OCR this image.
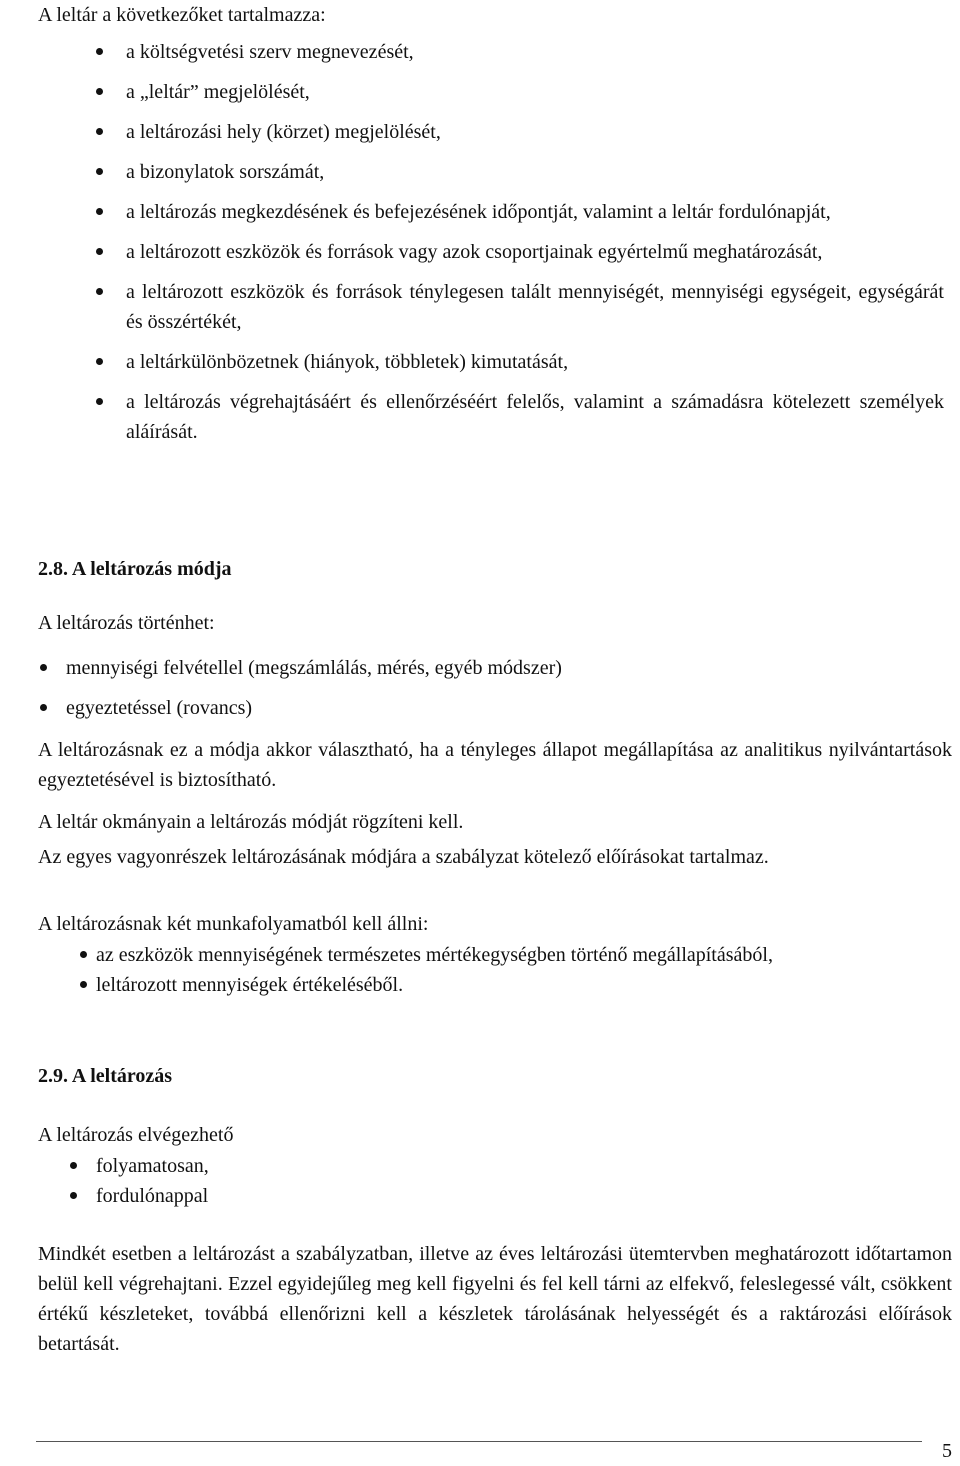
A leltár a következőket tartalmazza:

a költségvetési szerv megnevezését,
a „leltár” megjelölését,
a leltározási hely (körzet) megjelölését,
a bizonylatok sorszámát,
a leltározás megkezdésének és befejezésének időpontját, valamint a leltár fordulónapját,
a leltározott eszközök és források vagy azok csoportjainak egyértelmű meghatározását,
a leltározott eszközök és források ténylegesen talált mennyiségét, mennyiségi egységeit, egységárát és összértékét,
a leltárkülönbözetnek (hiányok, többletek) kimutatását,
a leltározás végrehajtásáért és ellenőrzéséért felelős, valamint a számadásra kötelezett személyek aláírását.
2.8. A leltározás módja

A leltározás történhet:

mennyiségi felvétellel (megszámlálás, mérés, egyéb módszer)
egyeztetéssel (rovancs)

A leltározásnak ez a módja akkor választható, ha a tényleges állapot megállapítása az analitikus nyilvántartások egyeztetésével is biztosítható.

A leltár okmányain a leltározás módját rögzíteni kell.

Az egyes vagyonrészek leltározásának módjára a szabályzat kötelező előírásokat tartalmaz.

A leltározásnak két munkafolyamatból kell állni:

az eszközök mennyiségének természetes mértékegységben történő megállapításából,
leltározott mennyiségek értékeléséből.
2.9. A leltározás

A leltározás elvégezhető

folyamatosan,
fordulónappal

Mindkét esetben a leltározást a szabályzatban, illetve az éves leltározási ütemtervben meghatározott időtartamon belül kell végrehajtani. Ezzel egyidejűleg meg kell figyelni és fel kell tárni az elfekvő, feleslegessé vált, csökkent értékű készleteket, továbbá ellenőrizni kell a készletek tárolásának helyességét és a raktározási előírások betartását.

5
